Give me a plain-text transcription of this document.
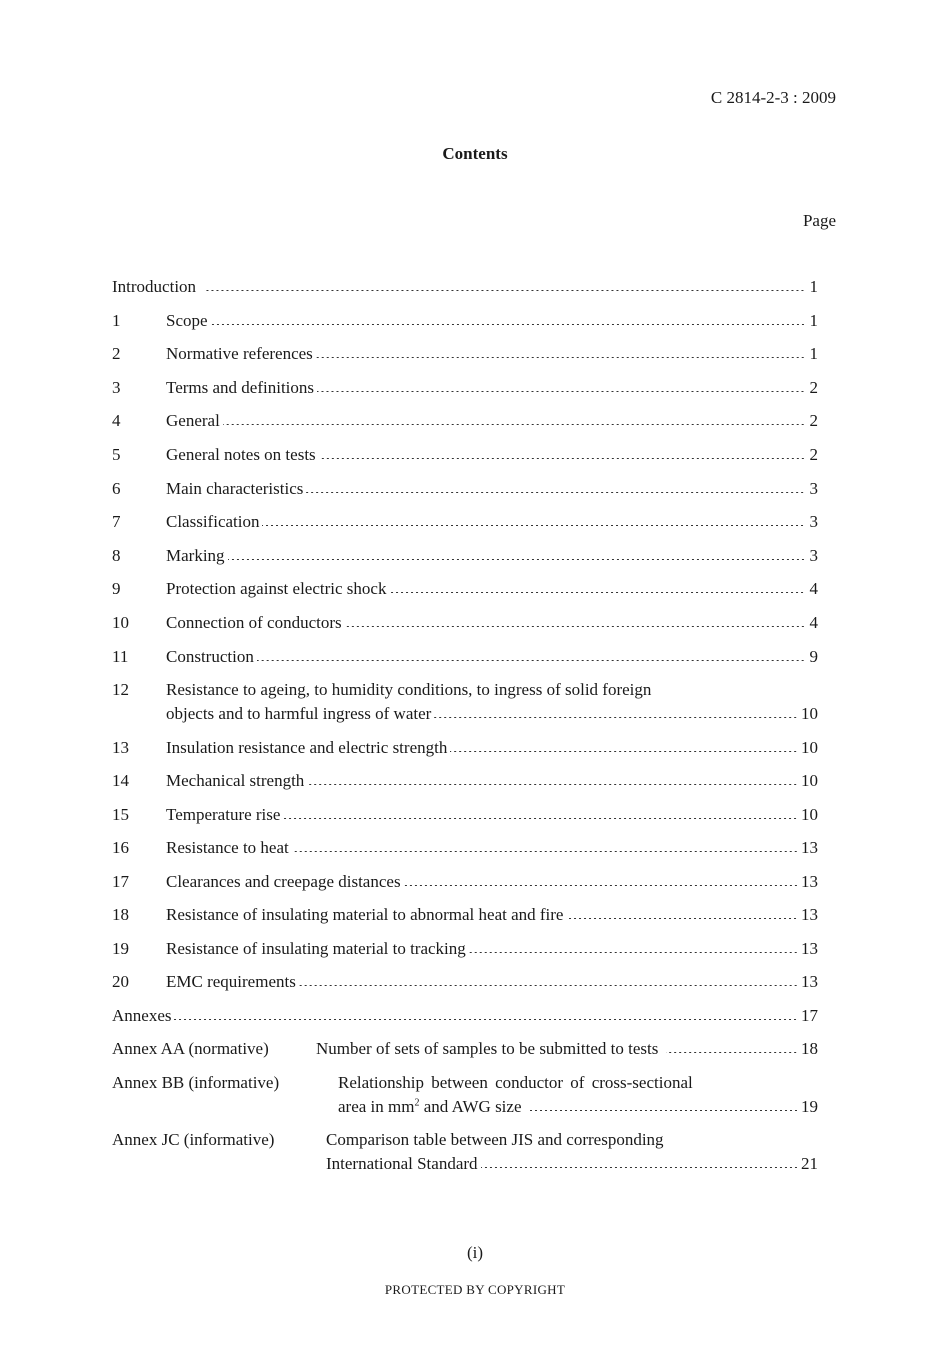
C 2814-2-3 : 2009
Contents
Page
Introduction	1
1	Scope	1
2	Normative references	1
3	Terms and definitions	2
4	General	2
5	General notes on tests	2
6	Main characteristics	3
7	Classification	3
8	Marking	3
9	Protection against electric shock	4
10	Connection of conductors	4
11	Construction	9
12	Resistance to ageing, to humidity conditions, to ingress of solid foreign
objects and to harmful ingress of water	10
13	Insulation resistance and electric strength	10
14	Mechanical strength	10
15	Temperature rise	10
16	Resistance to heat	13
17	Clearances and creepage distances	13
18	Resistance of insulating material to abnormal heat and fire	13
19	Resistance of insulating material to tracking	13
20	EMC requirements	13
Annexes	17
Annex AA (normative)	Number of sets of samples to be submitted to tests	18
Annex BB (informative)	Relationship between conductor of cross-sectional
area in $mm^2$ and AWG size	19
Annex JC (informative)	Comparison table between JIS and corresponding
International Standard	21
(i)
PROTECTED BY COPYRIGHT
